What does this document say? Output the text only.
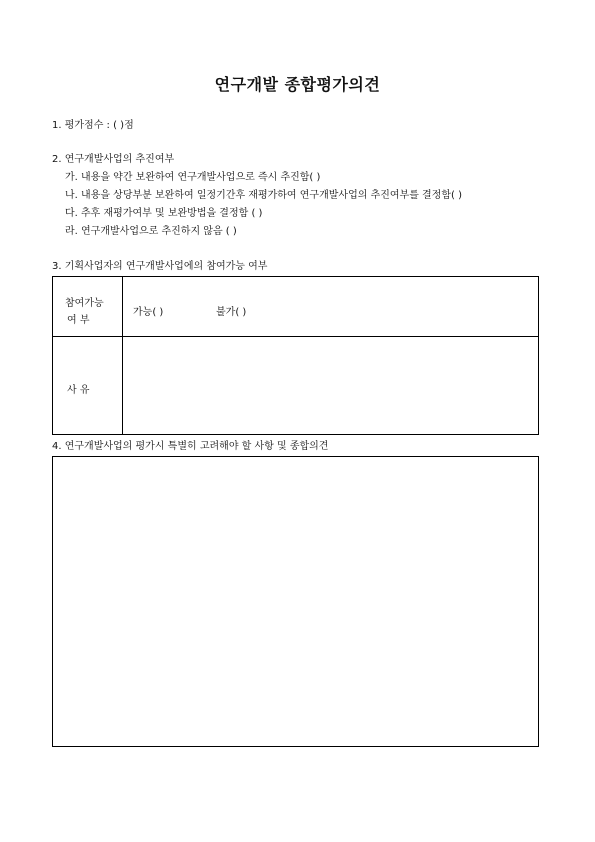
연구개발 종합평가의견
1. 평가점수 : ( )점
2. 연구개발사업의 추진여부
가. 내용을 약간 보완하여 연구개발사업으로 즉시 추진함( )
나. 내용을 상당부분 보완하여 일정기간후 재평가하여 연구개발사업의 추진여부를 결정함( )
다. 추후 재평가여부 및 보완방법을 결정함 ( )
라. 연구개발사업으로 추진하지 않음 ( )
3. 기획사업자의 연구개발사업에의 참여가능 여부
참여가능
여 부
가능( )	불가( )
사 유
4. 연구개발사업의 평가시 특별히 고려해야 할 사항 및 종합의견
